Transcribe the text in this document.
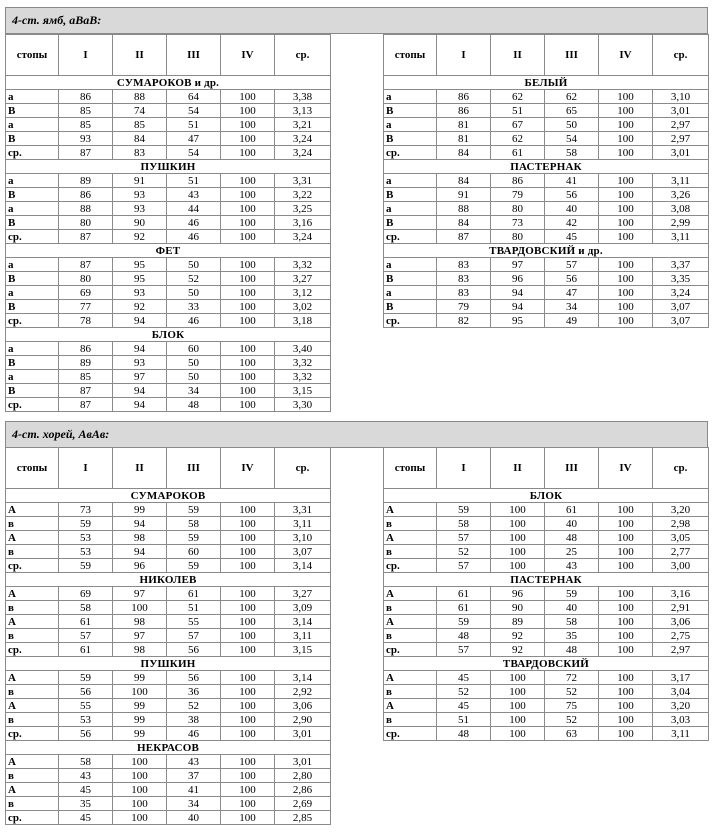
4-ст. ямб, аВаВ:
стопы	I	II	III	IV	ср.
СУМАРОКОВ и др.					
а	86	88	64	100	3,38
В	85	74	54	100	3,13
а	85	85	51	100	3,21
В	93	84	47	100	3,24
ср.	87	83	54	100	3,24
ПУШКИН					
а	89	91	51	100	3,31
В	86	93	43	100	3,22
а	88	93	44	100	3,25
В	80	90	46	100	3,16
ср.	87	92	46	100	3,24
ФЕТ					
а	87	95	50	100	3,32
В	80	95	52	100	3,27
а	69	93	50	100	3,12
В	77	92	33	100	3,02
ср.	78	94	46	100	3,18
БЛОК					
а	86	94	60	100	3,40
В	89	93	50	100	3,32
а	85	97	50	100	3,32
В	87	94	34	100	3,15
ср.	87	94	48	100	3,30
стопы	I	II	III	IV	ср.
БЕЛЫЙ					
а	86	62	62	100	3,10
В	86	51	65	100	3,01
а	81	67	50	100	2,97
В	81	62	54	100	2,97
ср.	84	61	58	100	3,01
ПАСТЕРНАК					
а	84	86	41	100	3,11
В	91	79	56	100	3,26
а	88	80	40	100	3,08
В	84	73	42	100	2,99
ср.	87	80	45	100	3,11
ТВАРДОВСКИЙ и др.					
а	83	97	57	100	3,37
В	83	96	56	100	3,35
а	83	94	47	100	3,24
В	79	94	34	100	3,07
ср.	82	95	49	100	3,07
4-ст. хорей, АвАв:
стопы	I	II	III	IV	ср.
СУМАРОКОВ					
А	73	99	59	100	3,31
в	59	94	58	100	3,11
А	53	98	59	100	3,10
в	53	94	60	100	3,07
ср.	59	96	59	100	3,14
НИКОЛЕВ					
А	69	97	61	100	3,27
в	58	100	51	100	3,09
А	61	98	55	100	3,14
в	57	97	57	100	3,11
ср.	61	98	56	100	3,15
ПУШКИН					
А	59	99	56	100	3,14
в	56	100	36	100	2,92
А	55	99	52	100	3,06
в	53	99	38	100	2,90
ср.	56	99	46	100	3,01
НЕКРАСОВ					
А	58	100	43	100	3,01
в	43	100	37	100	2,80
А	45	100	41	100	2,86
в	35	100	34	100	2,69
ср.	45	100	40	100	2,85
стопы	I	II	III	IV	ср.
БЛОК					
А	59	100	61	100	3,20
в	58	100	40	100	2,98
А	57	100	48	100	3,05
в	52	100	25	100	2,77
ср.	57	100	43	100	3,00
ПАСТЕРНАК					
А	61	96	59	100	3,16
в	61	90	40	100	2,91
А	59	89	58	100	3,06
в	48	92	35	100	2,75
ср.	57	92	48	100	2,97
ТВАРДОВСКИЙ					
А	45	100	72	100	3,17
в	52	100	52	100	3,04
А	45	100	75	100	3,20
в	51	100	52	100	3,03
ср.	48	100	63	100	3,11
